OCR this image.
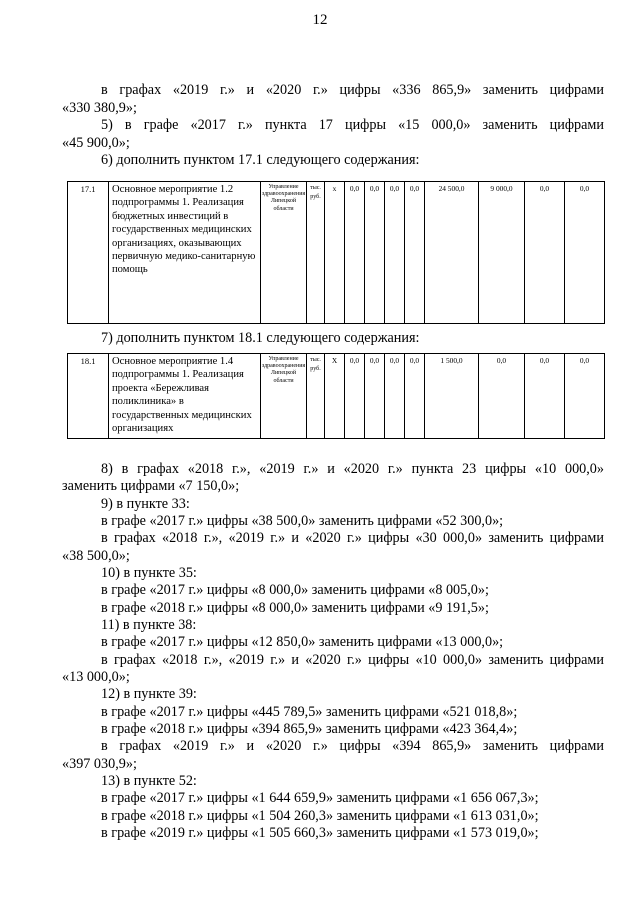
12
в графах «2019 г.» и «2020 г.» цифры «336 865,9» заменить цифрами
«330 380,9»;
5) в графе «2017 г.» пункта 17 цифры «15 000,0» заменить цифрами
«45 900,0»;
6) дополнить пунктом 17.1 следующего содержания:
17.1	Основное мероприятие 1.2 подпрограммы 1. Реализация бюджетных инвестиций в государственных медицинских организациях, оказывающих первичную медико-санитарную помощь	Управление здравоохранения Липецкой области	тыс. руб.	х	0,0	0,0	0,0	0,0	24 500,0	9 000,0	0,0	0,0
7) дополнить пунктом 18.1 следующего содержания:
18.1	Основное мероприятие 1.4 подпрограммы 1. Реализация проекта «Бережливая поликлиника» в государственных медицинских организациях	Управление здравоохранения Липецкой области	тыс. руб.	Х	0,0	0,0	0,0	0,0	1 500,0	0,0	0,0	0,0
8) в графах «2018 г.», «2019 г.» и «2020 г.» пункта 23 цифры «10 000,0»
заменить цифрами «7 150,0»;
9) в пункте 33:
в графе «2017 г.» цифры «38 500,0» заменить цифрами «52 300,0»;
в графах «2018 г.», «2019 г.» и «2020 г.» цифры «30 000,0» заменить цифрами
«38 500,0»;
10) в пункте 35:
в графе «2017 г.» цифры «8 000,0» заменить цифрами «8 005,0»;
в графе «2018 г.» цифры «8 000,0» заменить цифрами «9 191,5»;
11) в пункте 38:
в графе «2017 г.» цифры «12 850,0» заменить цифрами «13 000,0»;
в графах «2018 г.», «2019 г.» и «2020 г.» цифры «10 000,0» заменить цифрами
«13 000,0»;
12) в пункте 39:
в графе «2017 г.» цифры «445 789,5» заменить цифрами «521 018,8»;
в графе «2018 г.» цифры «394 865,9» заменить цифрами «423 364,4»;
в графах «2019 г.» и «2020 г.» цифры «394 865,9» заменить цифрами
«397 030,9»;
13) в пункте 52:
в графе «2017 г.» цифры «1 644 659,9» заменить цифрами «1 656 067,3»;
в графе «2018 г.» цифры «1 504 260,3» заменить цифрами «1 613 031,0»;
в графе «2019 г.» цифры «1 505 660,3» заменить цифрами «1 573 019,0»;
